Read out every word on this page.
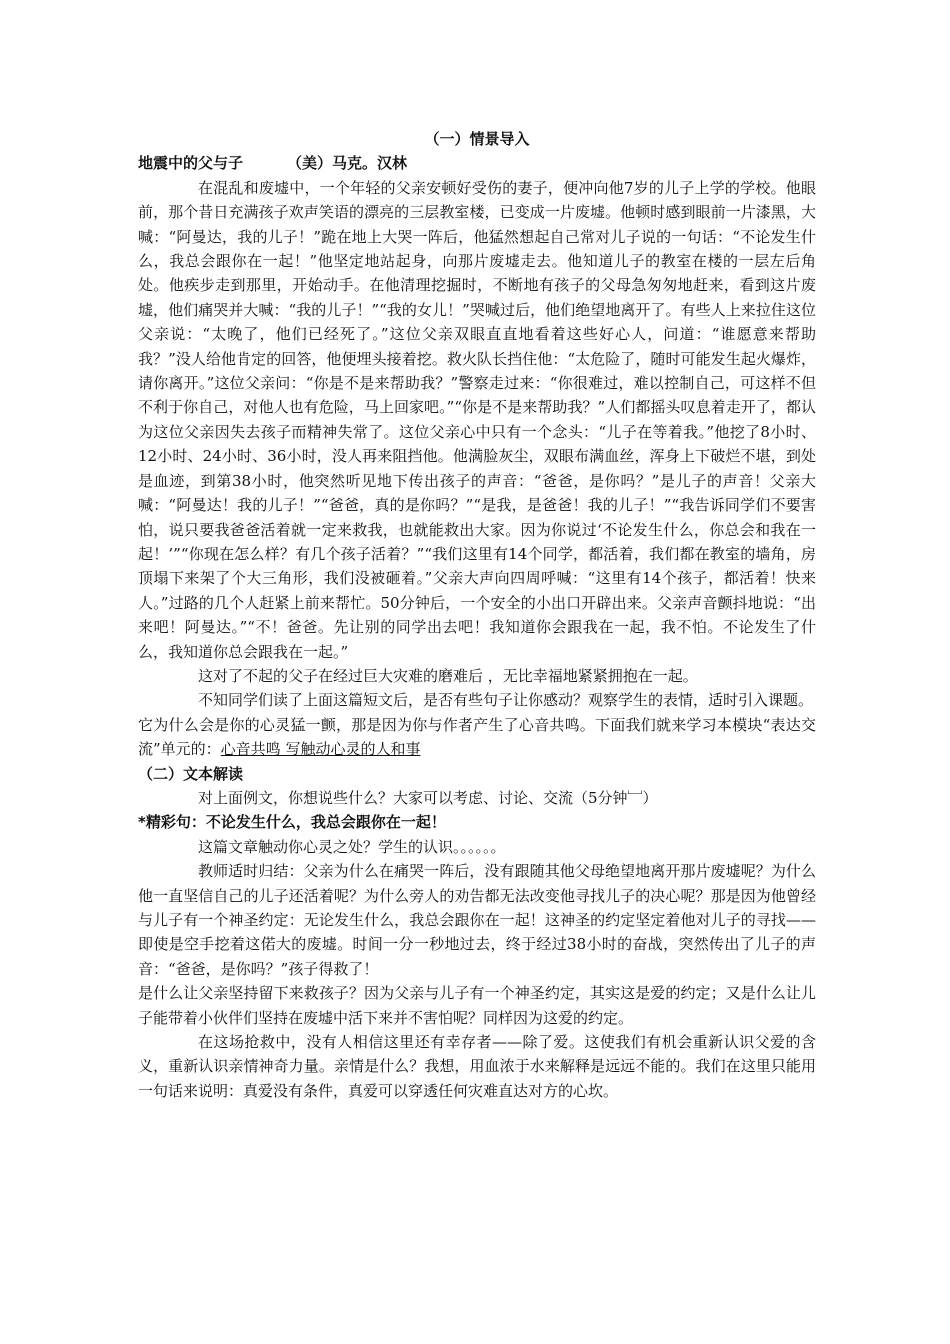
（一）情景导入

地震中的父与子	（美）马克。汉林

在混乱和废墟中，一个年轻的父亲安顿好受伤的妻子，便冲向他7岁的儿子上学的学校。他眼前，那个昔日充满孩子欢声笑语的漂亮的三层教室楼，已变成一片废墟。他顿时感到眼前一片漆黑，大喊：“阿曼达，我的儿子！”跪在地上大哭一阵后，他猛然想起自己常对儿子说的一句话：“不论发生什么，我总会跟你在一起！”他坚定地站起身，向那片废墟走去。他知道儿子的教室在楼的一层左后角处。他疾步走到那里，开始动手。在他清理挖掘时，不断地有孩子的父母急匆匆地赶来，看到这片废墟，他们痛哭并大喊：“我的儿子！”“我的女儿！”哭喊过后，他们绝望地离开了。有些人上来拉住这位父亲说：“太晚了，他们已经死了。”这位父亲双眼直直地看着这些好心人，问道：“谁愿意来帮助我？”没人给他肯定的回答，他便埋头接着挖。救火队长挡住他：“太危险了，随时可能发生起火爆炸，请你离开。”这位父亲问：“你是不是来帮助我？”警察走过来：“你很难过，难以控制自己，可这样不但不利于你自己，对他人也有危险，马上回家吧。”“你是不是来帮助我？”人们都摇头叹息着走开了，都认为这位父亲因失去孩子而精神失常了。这位父亲心中只有一个念头：“儿子在等着我。”他挖了8小时、12小时、24小时、36小时，没人再来阻挡他。他满脸灰尘，双眼布满血丝，浑身上下破烂不堪，到处是血迹，到第38小时，他突然听见地下传出孩子的声音：“爸爸，是你吗？”是儿子的声音！父亲大喊：“阿曼达！我的儿子！”“爸爸，真的是你吗？”“是我，是爸爸！我的儿子！”“我告诉同学们不要害怕，说只要我爸爸活着就一定来救我，也就能救出大家。因为你说过‘不论发生什么，你总会和我在一起！’”“你现在怎么样？有几个孩子活着？”“我们这里有14个同学，都活着，我们都在教室的墙角，房顶塌下来架了个大三角形，我们没被砸着。”父亲大声向四周呼喊：“这里有14个孩子，都活着！快来人。”过路的几个人赶紧上前来帮忙。50分钟后，一个安全的小出口开辟出来。父亲声音颤抖地说：“出来吧！阿曼达。”“不！爸爸。先让别的同学出去吧！我知道你会跟我在一起，我不怕。不论发生了什么，我知道你总会跟我在一起。”

这对了不起的父子在经过巨大灾难的磨难后 ，无比幸福地紧紧拥抱在一起。

不知同学们读了上面这篇短文后，是否有些句子让你感动？观察学生的表情，适时引入课题。

它为什么会是你的心灵猛一颤，那是因为你与作者产生了心音共鸣。下面我们就来学习本模块“表达交流”单元的：心音共鸣 写触动心灵的人和事

（二）文本解读

对上面例文，你想说些什么？大家可以考虑、讨论、交流（5分钟﹈）

*精彩句：不论发生什么，我总会跟你在一起！

这篇文章触动你心灵之处？学生的认识。。。。。。

教师适时归结：父亲为什么在痛哭一阵后，没有跟随其他父母绝望地离开那片废墟呢？为什么他一直坚信自己的儿子还活着呢？为什么旁人的劝告都无法改变他寻找儿子的决心呢？那是因为他曾经与儿子有一个神圣约定：无论发生什么，我总会跟你在一起！这神圣的约定坚定着他对儿子的寻找——即使是空手挖着这偌大的废墟。时间一分一秒地过去，终于经过38小时的奋战，突然传出了儿子的声音：“爸爸，是你吗？”孩子得救了！

是什么让父亲坚持留下来救孩子？因为父亲与儿子有一个神圣约定，其实这是爱的约定；又是什么让儿子能带着小伙伴们坚持在废墟中活下来并不害怕呢？同样因为这爱的约定。

在这场抢救中，没有人相信这里还有幸存者——除了爱。这使我们有机会重新认识父爱的含义，重新认识亲情神奇力量。亲情是什么？我想，用血浓于水来解释是远远不能的。我们在这里只能用一句话来说明：真爱没有条件，真爱可以穿透任何灾难直达对方的心坎。
